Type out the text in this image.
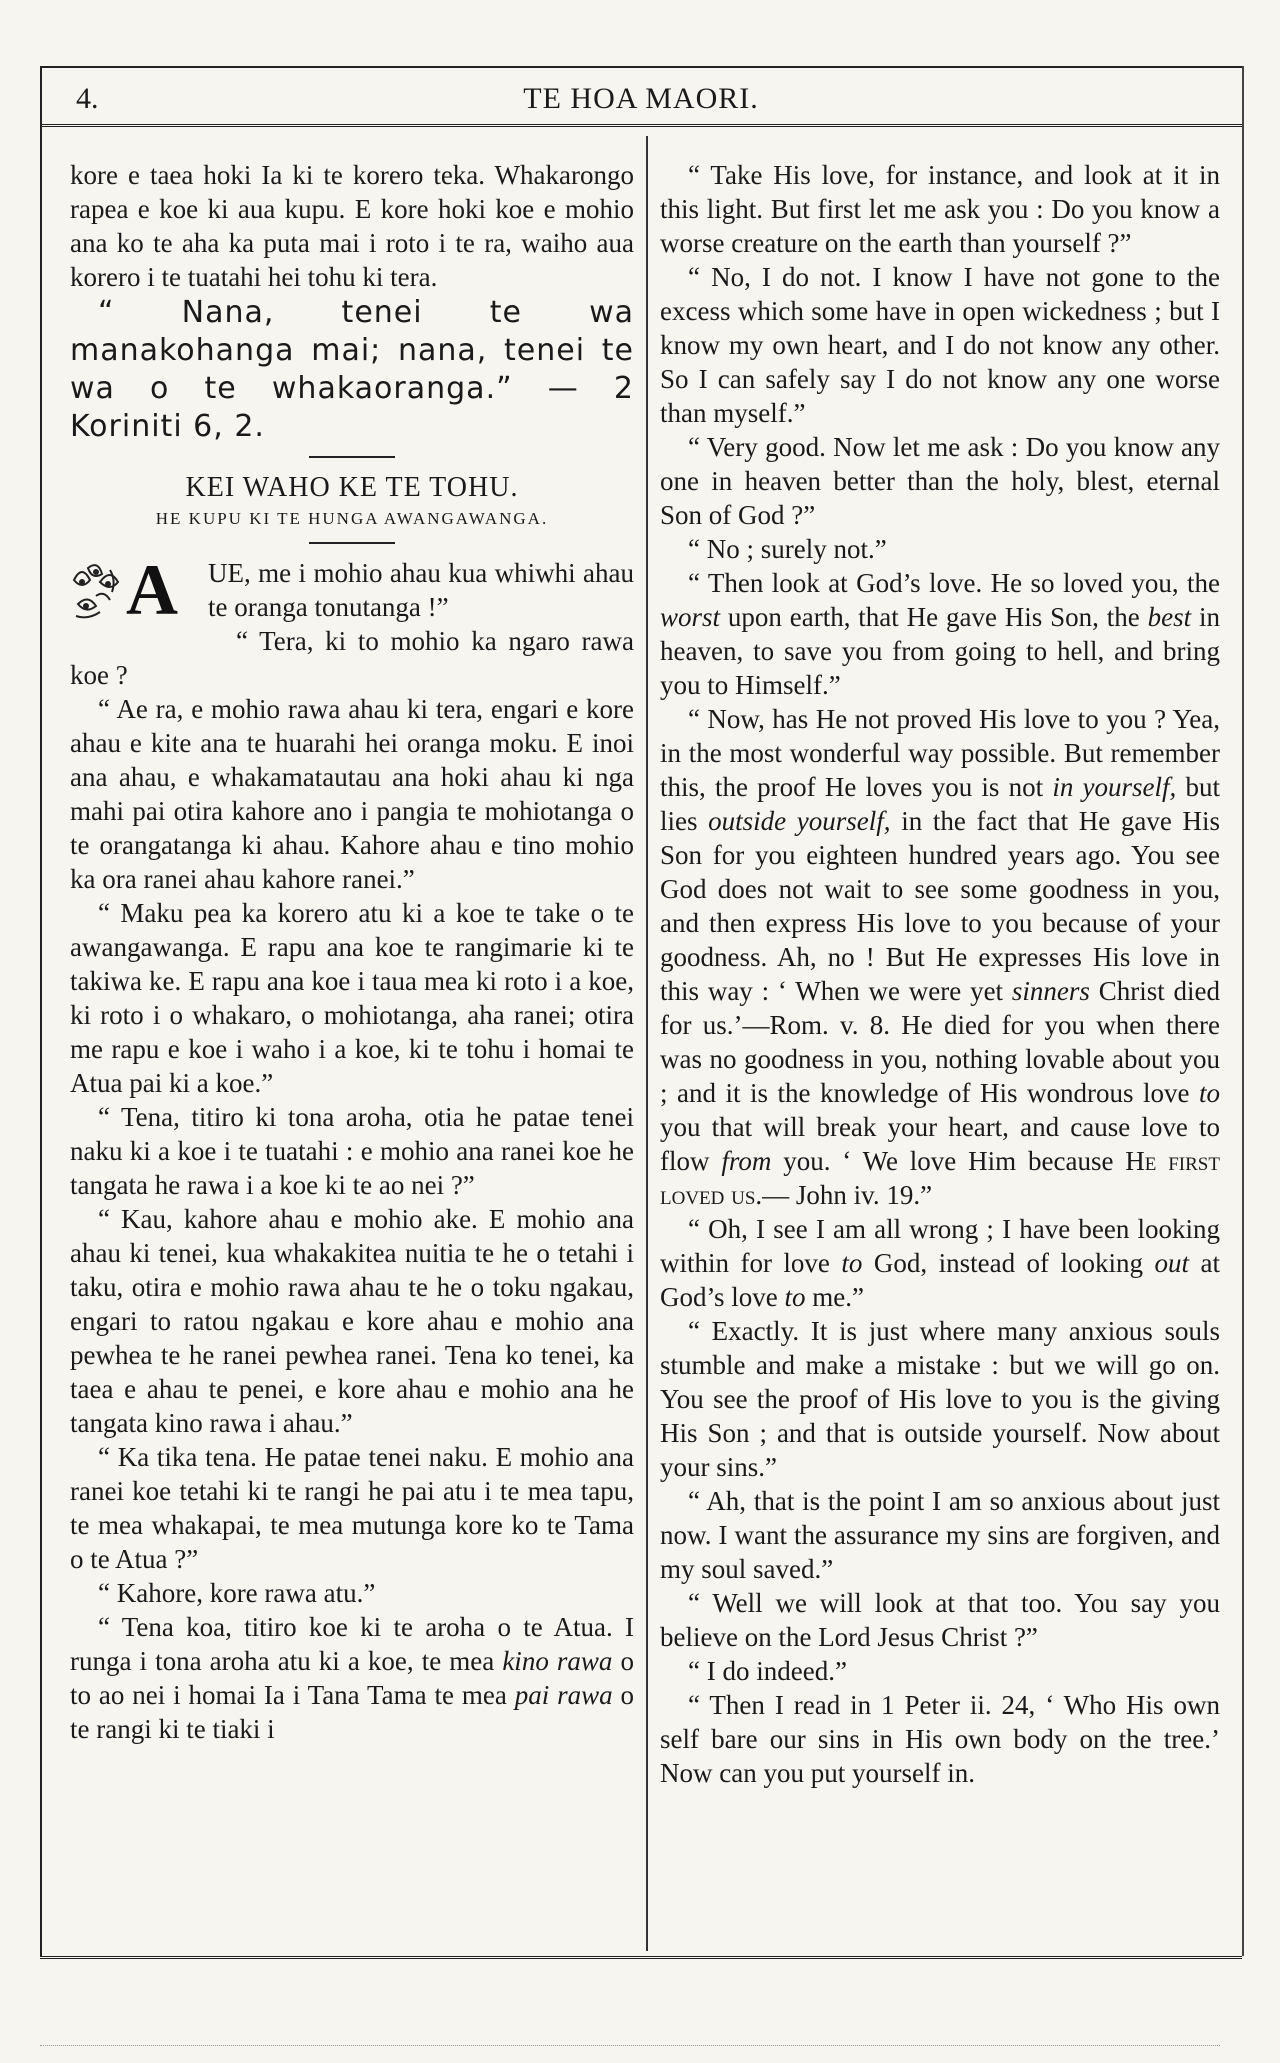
4.	TE HOA MAORI.

kore e taea hoki Ia ki te korero teka. Whakarongo rapea e koe ki aua kupu. E kore hoki koe e mohio ana ko te aha ka puta mai i roto i te ra, waiho aua korero i te tuatahi hei tohu ki tera.

“ Nana, tenei te wa manakohanga mai; nana, tenei te wa o te whakaoranga.” — 2 Koriniti 6, 2.

KEI WAHO KE TE TOHU.
HE KUPU KI TE HUNGA AWANGAWANGA.
A	UE, me i mohio ahau kua whiwhi ahau te oranga tonutanga !”

“ Tera, ki to mohio ka ngaro rawa koe ?

“ Ae ra, e mohio rawa ahau ki tera, engari e kore ahau e kite ana te huarahi hei oranga moku. E inoi ana ahau, e whakamatautau ana hoki ahau ki nga mahi pai otira kahore ano i pangia te mohiotanga o te orangatanga ki ahau. Kahore ahau e tino mohio ka ora ranei ahau kahore ranei.”

“ Maku pea ka korero atu ki a koe te take o te awangawanga. E rapu ana koe te rangimarie ki te takiwa ke. E rapu ana koe i taua mea ki roto i a koe, ki roto i o whakaro, o mohiotanga, aha ranei; otira me rapu e koe i waho i a koe, ki te tohu i homai te Atua pai ki a koe.”

“ Tena, titiro ki tona aroha, otia he patae tenei naku ki a koe i te tuatahi : e mohio ana ranei koe he tangata he rawa i a koe ki te ao nei ?”

“ Kau, kahore ahau e mohio ake. E mohio ana ahau ki tenei, kua whakakitea nuitia te he o tetahi i taku, otira e mohio rawa ahau te he o toku ngakau, engari to ratou ngakau e kore ahau e mohio ana pewhea te he ranei pewhea ranei. Tena ko tenei, ka taea e ahau te penei, e kore ahau e mohio ana he tangata kino rawa i ahau.”

“ Ka tika tena. He patae tenei naku. E mohio ana ranei koe tetahi ki te rangi he pai atu i te mea tapu, te mea whakapai, te mea mutunga kore ko te Tama o te Atua ?”

“ Kahore, kore rawa atu.”

“ Tena koa, titiro koe ki te aroha o te Atua. I runga i tona aroha atu ki a koe, te mea kino rawa o to ao nei i homai Ia i Tana Tama te mea pai rawa o te rangi ki te tiaki i

“ Take His love, for instance, and look at it in this light. But first let me ask you : Do you know a worse creature on the earth than yourself ?”

“ No, I do not. I know I have not gone to the excess which some have in open wickedness ; but I know my own heart, and I do not know any other. So I can safely say I do not know any one worse than myself.”

“ Very good. Now let me ask : Do you know any one in heaven better than the holy, blest, eternal Son of God ?”

“ No ; surely not.”

“ Then look at God’s love. He so loved you, the worst upon earth, that He gave His Son, the best in heaven, to save you from going to hell, and bring you to Himself.”

“ Now, has He not proved His love to you ? Yea, in the most wonderful way possible. But remember this, the proof He loves you is not in yourself, but lies outside yourself, in the fact that He gave His Son for you eighteen hundred years ago. You see God does not wait to see some goodness in you, and then express His love to you because of your goodness. Ah, no ! But He expresses His love in this way : ‘ When we were yet sinners Christ died for us.’—Rom. v. 8. He died for you when there was no goodness in you, nothing lovable about you ; and it is the knowledge of His wondrous love to you that will break your heart, and cause love to flow from you. ‘ We love Him because He first loved us.— John iv. 19.”

“ Oh, I see I am all wrong ; I have been looking within for love to God, instead of looking out at God’s love to me.”

“ Exactly. It is just where many anxious souls stumble and make a mistake : but we will go on. You see the proof of His love to you is the giving His Son ; and that is outside yourself. Now about your sins.”

“ Ah, that is the point I am so anxious about just now. I want the assurance my sins are forgiven, and my soul saved.”

“ Well we will look at that too. You say you believe on the Lord Jesus Christ ?”

“ I do indeed.”

“ Then I read in 1 Peter ii. 24, ‘ Who His own self bare our sins in His own body on the tree.’ Now can you put yourself in.
